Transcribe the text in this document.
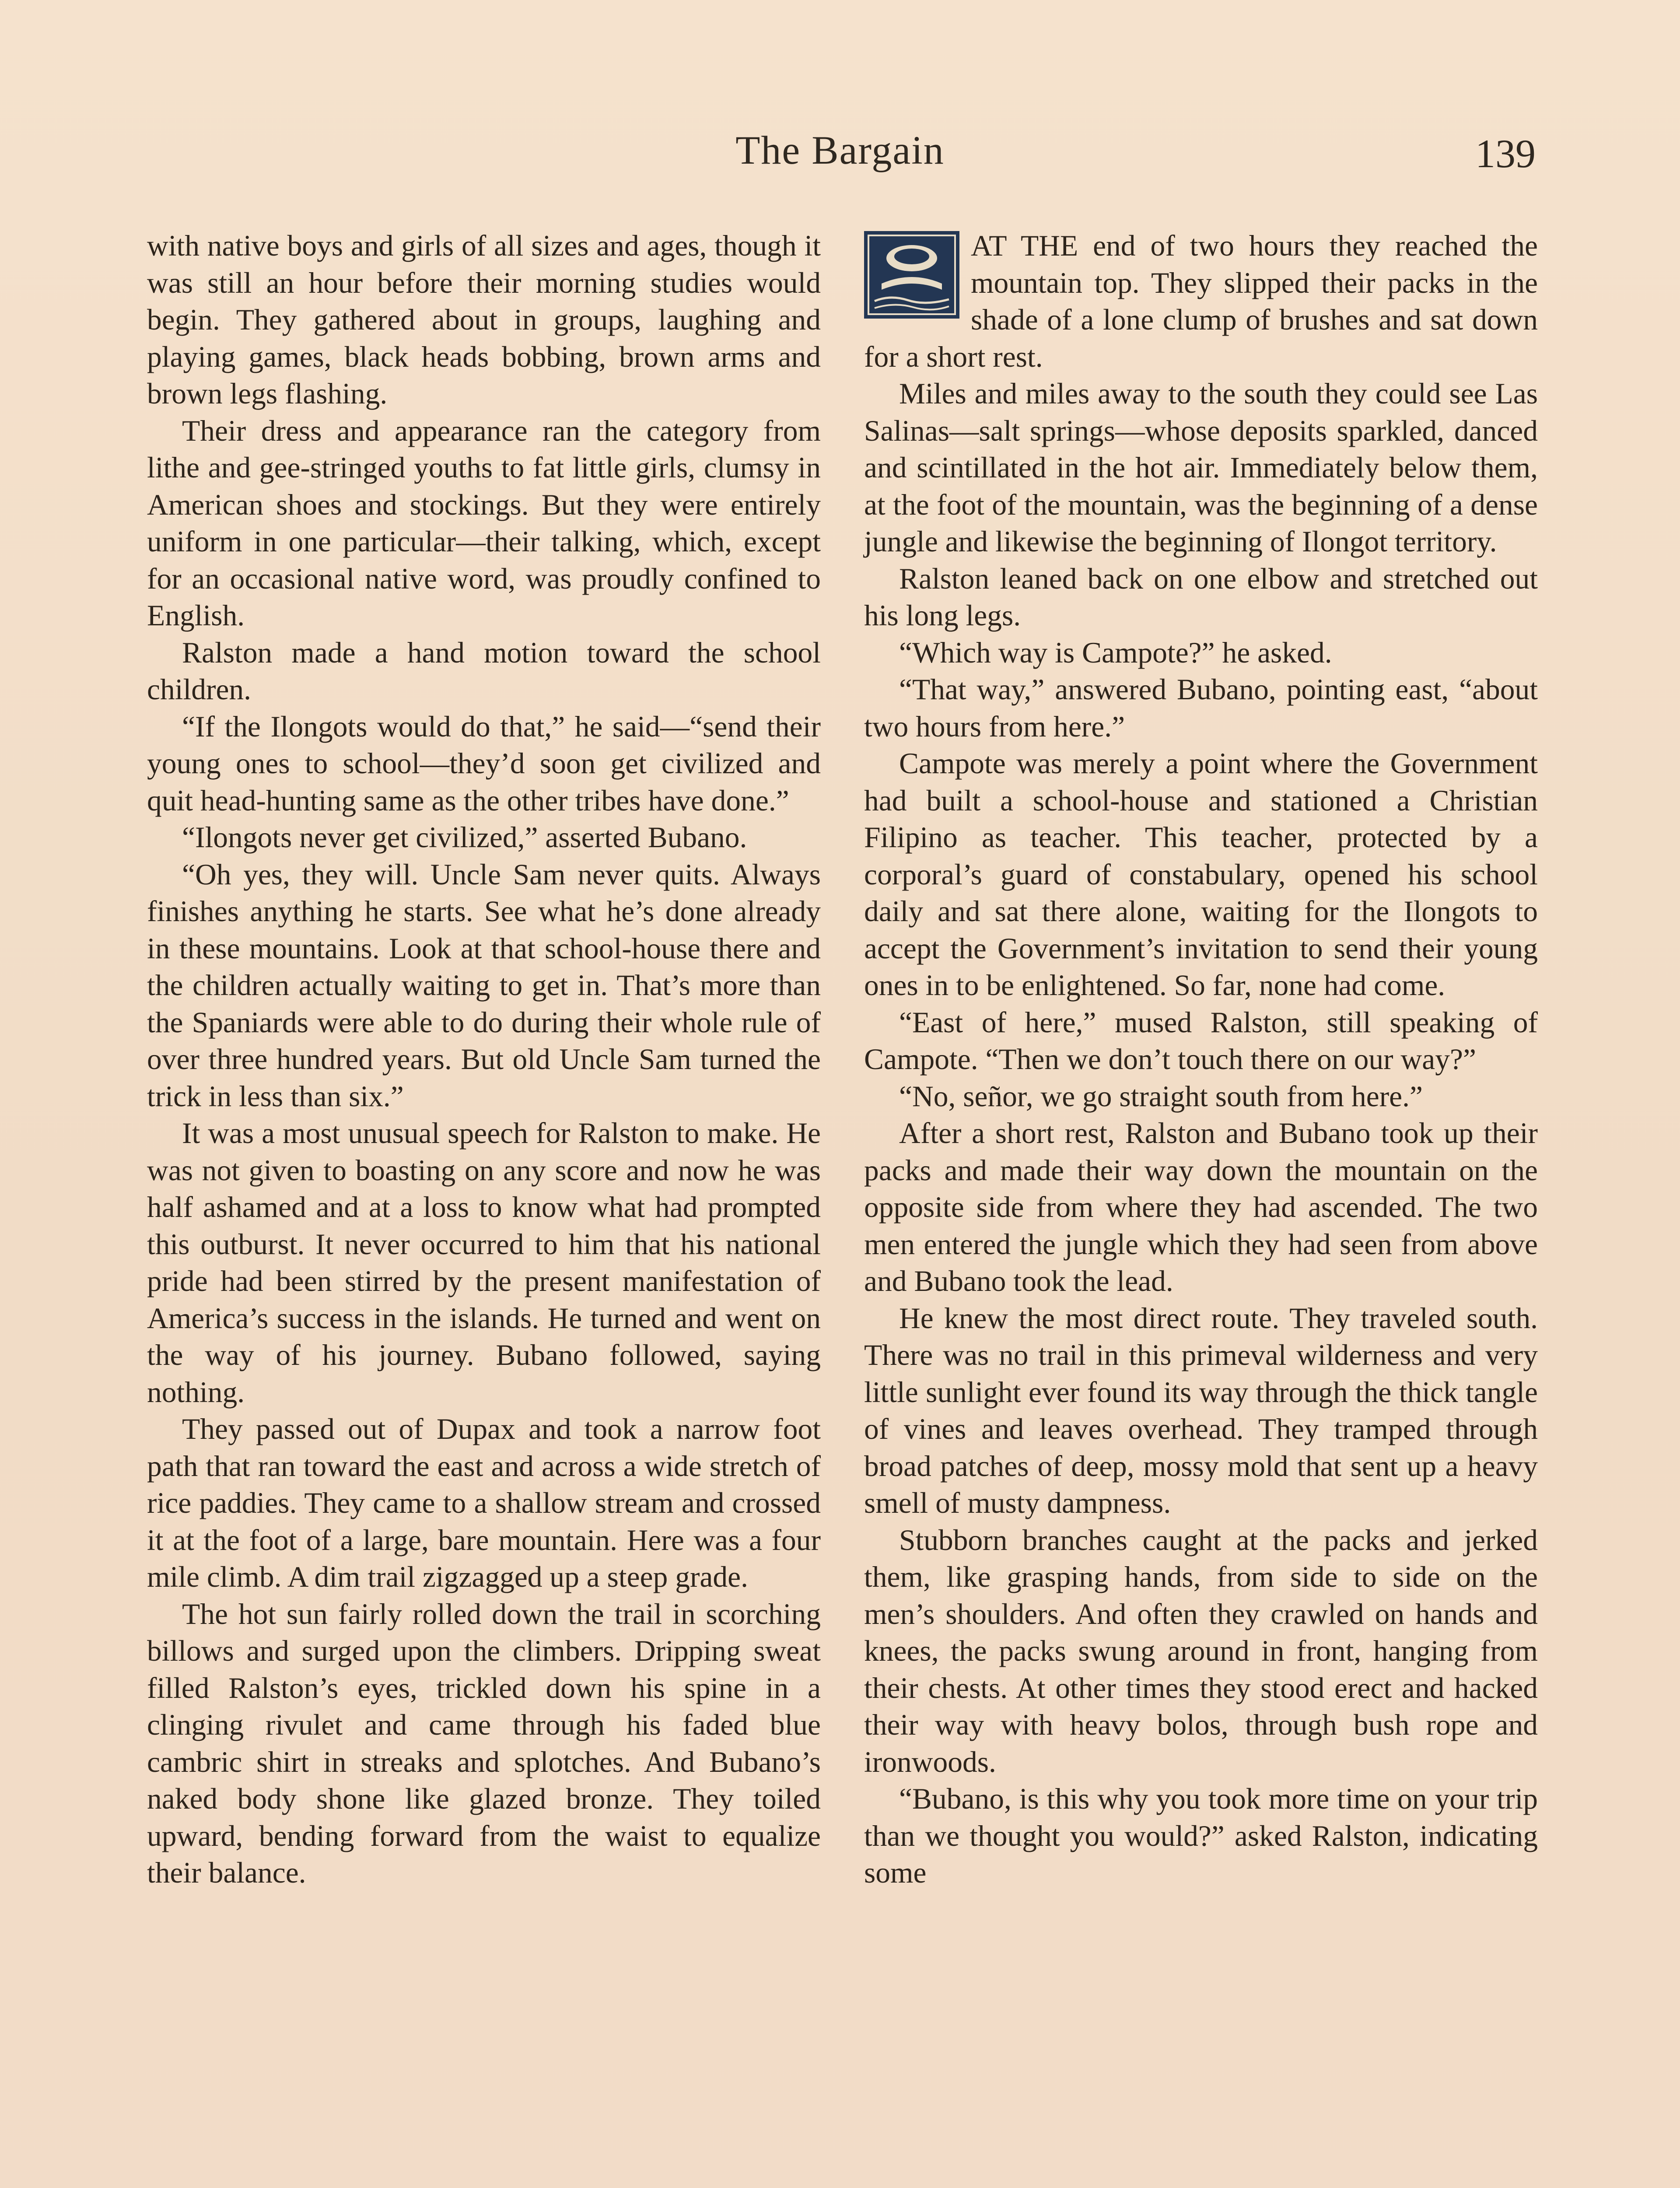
The Bargain	139

with native boys and girls of all sizes and ages, though it was still an hour before their morning studies would begin. They gathered about in groups, laughing and playing games, black heads bobbing, brown arms and brown legs flashing.

Their dress and appearance ran the category from lithe and gee-stringed youths to fat little girls, clumsy in American shoes and stockings. But they were entirely uniform in one particular—their talking, which, except for an occasional native word, was proudly confined to English.

Ralston made a hand motion toward the school children.

“If the Ilongots would do that,” he said—“send their young ones to school—they’d soon get civilized and quit head-hunting same as the other tribes have done.”

“Ilongots never get civilized,” asserted Bubano.

“Oh yes, they will. Uncle Sam never quits. Always finishes anything he starts. See what he’s done already in these mountains. Look at that school-house there and the children actually waiting to get in. That’s more than the Spaniards were able to do during their whole rule of over three hundred years. But old Uncle Sam turned the trick in less than six.”

It was a most unusual speech for Ralston to make. He was not given to boasting on any score and now he was half ashamed and at a loss to know what had prompted this outburst. It never occurred to him that his national pride had been stirred by the present manifestation of America’s success in the islands. He turned and went on the way of his journey. Bubano followed, saying nothing.

They passed out of Dupax and took a narrow foot path that ran toward the east and across a wide stretch of rice paddies. They came to a shallow stream and crossed it at the foot of a large, bare mountain. Here was a four mile climb. A dim trail zigzagged up a steep grade.

The hot sun fairly rolled down the trail in scorching billows and surged upon the climbers. Dripping sweat filled Ralston’s eyes, trickled down his spine in a clinging rivulet and came through his faded blue cambric shirt in streaks and splotches. And Bubano’s naked body shone like glazed bronze. They toiled upward, bending forward from the waist to equalize their balance.

AT THE end of two hours they reached the mountain top. They slipped their packs in the shade of a lone clump of brushes and sat down for a short rest.

Miles and miles away to the south they could see Las Salinas—salt springs—whose deposits sparkled, danced and scintillated in the hot air. Immediately below them, at the foot of the mountain, was the beginning of a dense jungle and likewise the beginning of Ilongot territory.

Ralston leaned back on one elbow and stretched out his long legs.

“Which way is Campote?” he asked.

“That way,” answered Bubano, pointing east, “about two hours from here.”

Campote was merely a point where the Government had built a school-house and stationed a Christian Filipino as teacher. This teacher, protected by a corporal’s guard of constabulary, opened his school daily and sat there alone, waiting for the Ilongots to accept the Government’s invitation to send their young ones in to be enlightened. So far, none had come.

“East of here,” mused Ralston, still speaking of Campote. “Then we don’t touch there on our way?”

“No, señor, we go straight south from here.”

After a short rest, Ralston and Bubano took up their packs and made their way down the mountain on the opposite side from where they had ascended. The two men entered the jungle which they had seen from above and Bubano took the lead.

He knew the most direct route. They traveled south. There was no trail in this primeval wilderness and very little sunlight ever found its way through the thick tangle of vines and leaves overhead. They tramped through broad patches of deep, mossy mold that sent up a heavy smell of musty dampness.

Stubborn branches caught at the packs and jerked them, like grasping hands, from side to side on the men’s shoulders. And often they crawled on hands and knees, the packs swung around in front, hanging from their chests. At other times they stood erect and hacked their way with heavy bolos, through bush rope and ironwoods.

“Bubano, is this why you took more time on your trip than we thought you would?” asked Ralston, indicating some
